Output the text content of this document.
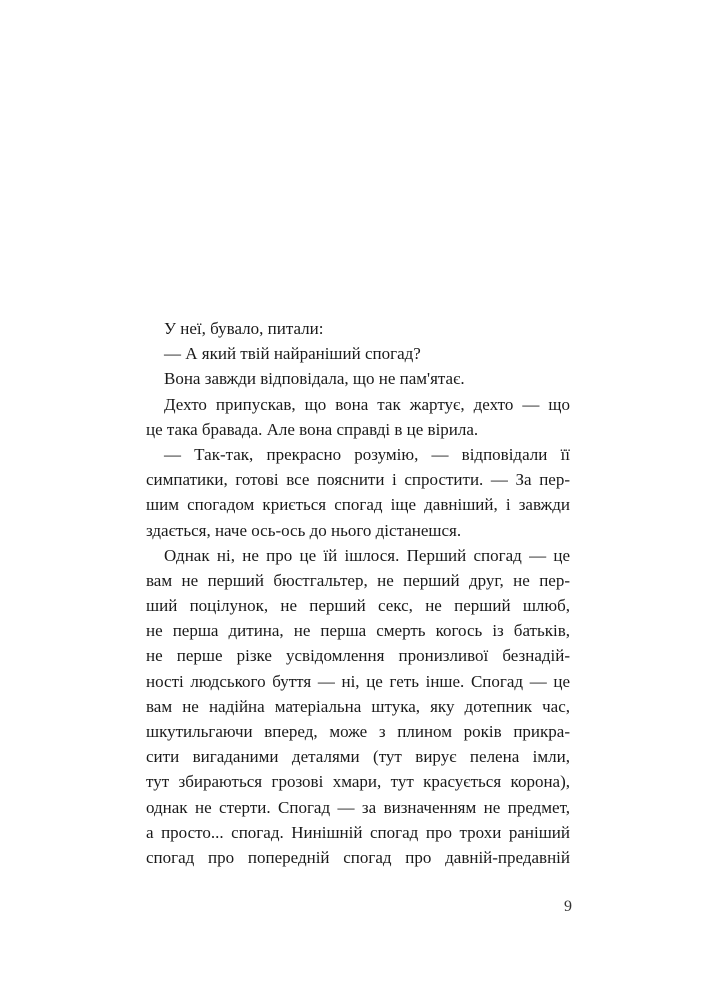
У неї, бувало, питали:
— А який твій найраніший спогад?
Вона завжди відповідала, що не пам'ятає.
Дехто припускав, що вона так жартує, дехто — що
це така бравада. Але вона справді в це вірила.
— Так-так, прекрасно розумію, — відповідали її
симпатики, готові все пояснити і спростити. — За пер-
шим спогадом криється спогад іще давніший, і завжди
здається, наче ось-ось до нього дістанешся.
Однак ні, не про це їй ішлося. Перший спогад — це
вам не перший бюстгальтер, не перший друг, не пер-
ший поцілунок, не перший секс, не перший шлюб,
не перша дитина, не перша смерть когось із батьків,
не перше різке усвідомлення пронизливої безнадій-
ності людського буття — ні, це геть інше. Спогад — це
вам не надійна матеріальна штука, яку дотепник час,
шкутильгаючи вперед, може з плином років прикра-
сити вигаданими деталями (тут вирує пелена імли,
тут збираються грозові хмари, тут красується корона),
однак не стерти. Спогад — за визначенням не предмет,
а просто... спогад. Нинішній спогад про трохи раніший
спогад про попередній спогад про давній-предавній
9
